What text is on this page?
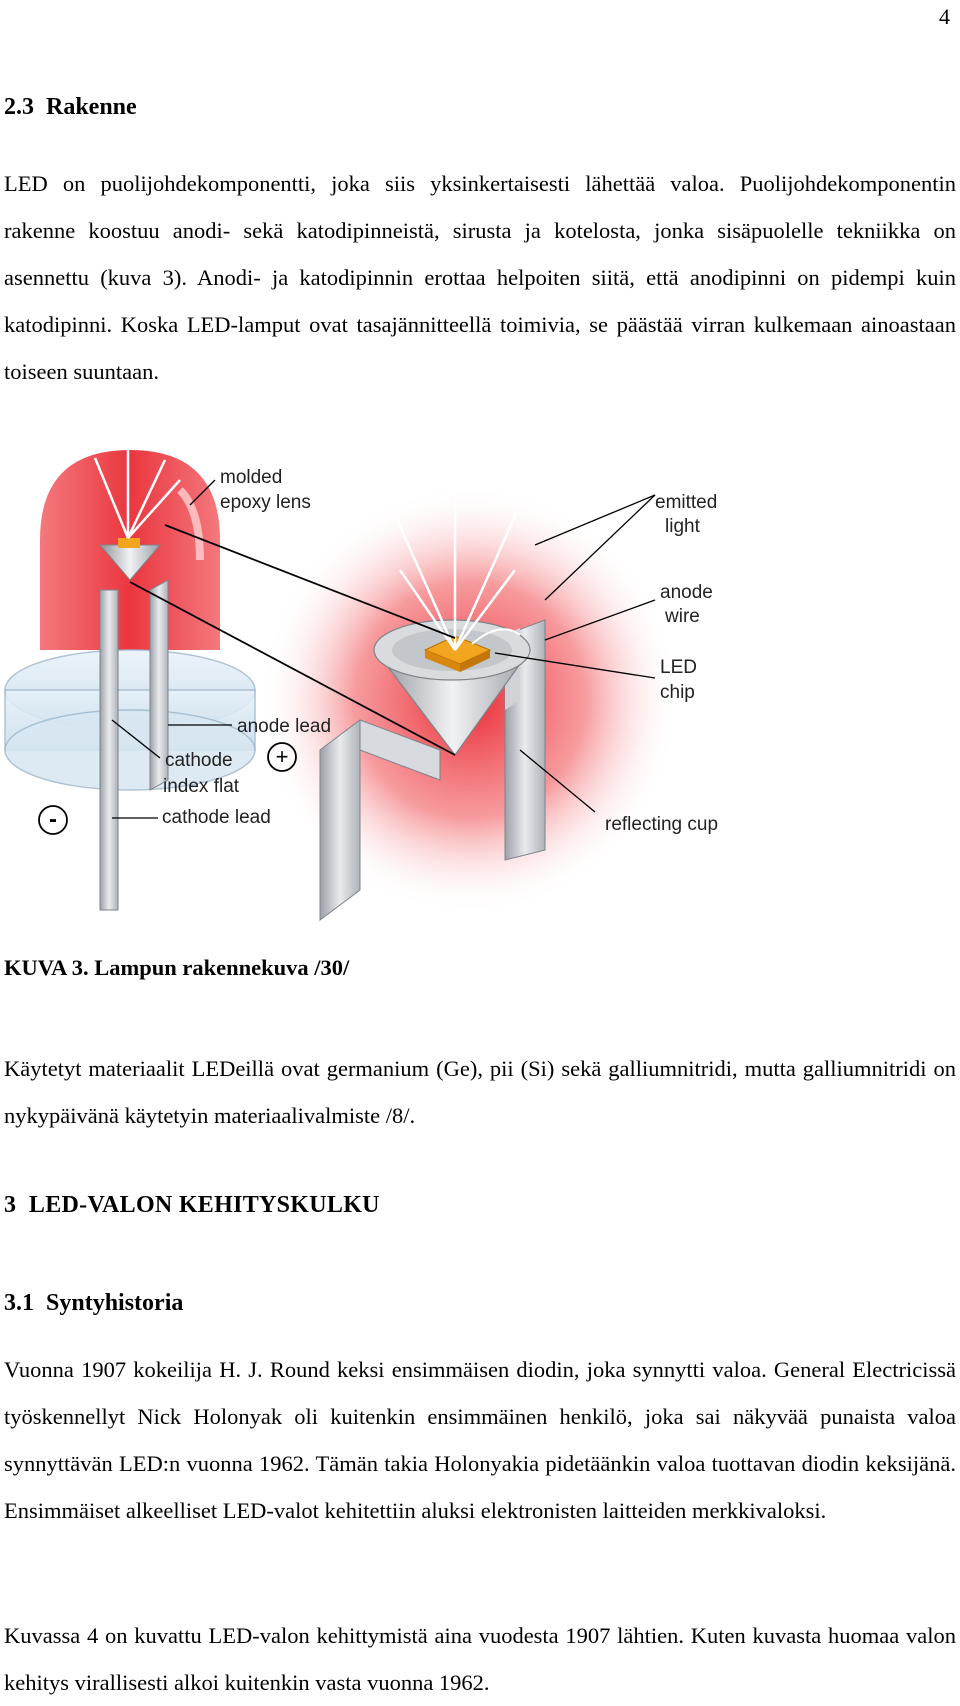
4
2.3 Rakenne

LED on puolijohdekomponentti, joka siis yksinkertaisesti lähettää valoa. Puolijohdekomponentin rakenne koostuu anodi- sekä katodipinneistä, sirusta ja kotelosta, jonka sisäpuolelle tekniikka on asennettu (kuva 3). Anodi- ja katodipinnin erottaa helpoiten siitä, että anodipinni on pidempi kuin katodipinni. Koska LED-lamput ovat tasajännitteellä toimivia, se päästää virran kulkemaan ainoastaan toiseen suuntaan.

molded
epoxy lens	emitted
light
anode
wire
LED
chip
anode lead
cathode
index flat
cathode lead	reflecting cup
+
-

KUVA 3. Lampun rakennekuva /30/

Käytetyt materiaalit LEDeillä ovat germanium (Ge), pii (Si) sekä galliumnitridi, mutta galliumnitridi on nykypäivänä käytetyin materiaalivalmiste /8/.

3 LED-VALON KEHITYSKULKU
3.1 Syntyhistoria

Vuonna 1907 kokeilija H. J. Round keksi ensimmäisen diodin, joka synnytti valoa. General Electricissä työskennellyt Nick Holonyak oli kuitenkin ensimmäinen henkilö, joka sai näkyvää punaista valoa synnyttävän LED:n vuonna 1962. Tämän takia Holonyakia pidetäänkin valoa tuottavan diodin keksijänä. Ensimmäiset alkeelliset LED-valot kehitettiin aluksi elektronisten laitteiden merkkivaloksi.

Kuvassa 4 on kuvattu LED-valon kehittymistä aina vuodesta 1907 lähtien. Kuten kuvasta huomaa valon kehitys virallisesti alkoi kuitenkin vasta vuonna 1962.
